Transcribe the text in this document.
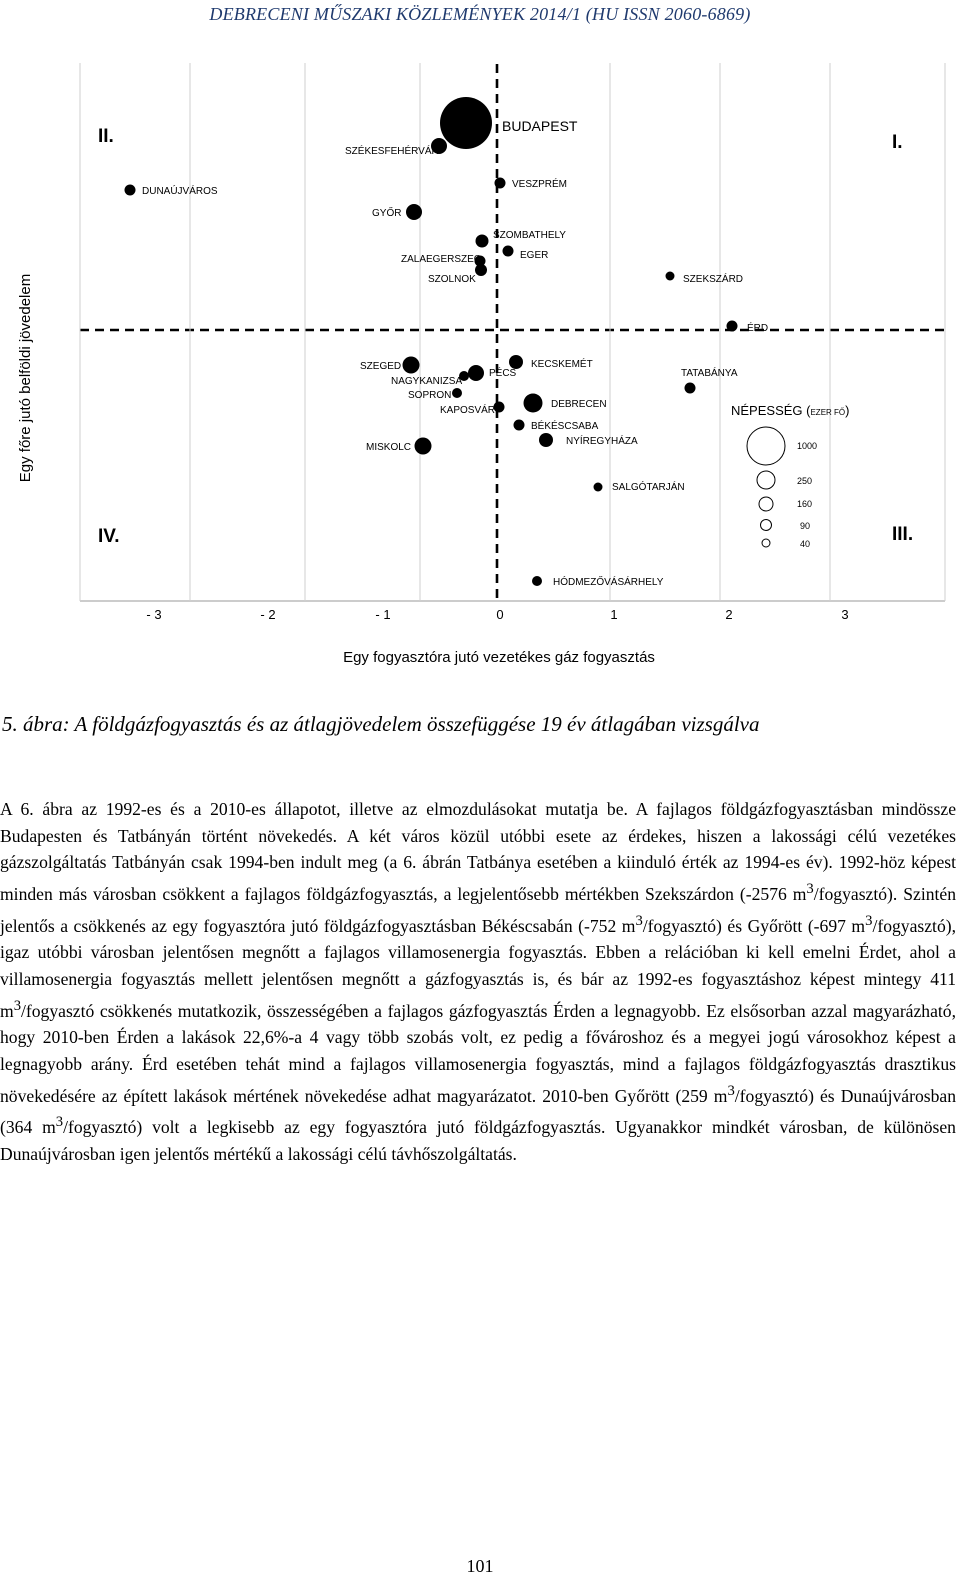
DEBRECENI MŰSZAKI KÖZLEMÉNYEK 2014/1 (HU ISSN 2060-6869)
Egy főre jutó belföldi jövedelem
II.	I.
IV.	III.
BUDAPEST
SZÉKESFEHÉRVÁR
DUNAÚJVÁROS
VESZPRÉM
GYŐR
SZOMBATHELY
EGER
ZALAEGERSZEG
SZOLNOK	SZEKSZÁRD
ÉRD
SZEGED	KECSKEMÉT
NAGYKANIZSA
PÉCS	TATABÁNYA
SOPRON
KAPOSVÁR
DEBRECEN
BÉKÉSCSABA
MISKOLC
NYÍREGYHÁZA
SALGÓTARJÁN
HÓDMEZŐVÁSÁRHELY
NÉPESSÉG (EZER FŐ)
1000
250
160
90
40
- 3	- 2	- 1	0	1	2	3
Egy fogyasztóra jutó vezetékes gáz fogyasztás
5. ábra: A földgázfogyasztás és az átlagjövedelem összefüggése 19 év átlagában vizsgálva

A 6. ábra az 1992-es és a 2010-es állapotot, illetve az elmozdulásokat mutatja be. A fajlagos földgázfogyasztásban mindössze Budapesten és Tatbányán történt növekedés. A két város közül utóbbi esete az érdekes, hiszen a lakossági célú vezetékes gázszolgáltatás Tatbányán csak 1994-ben indult meg (a 6. ábrán Tatbánya esetében a kiinduló érték az 1994-es év). 1992-höz képest minden más városban csökkent a fajlagos földgázfogyasztás, a legjelentősebb mértékben Szekszárdon (-2576 $m^3/fogyasztó$). Szintén jelentős a csökkenés az egy fogyasztóra jutó földgázfogyasztásban Békéscsabán (-752 $m^3/fogyasztó$) és Győrött (-697 $m^3/fogyasztó$), igaz utóbbi városban jelentősen megnőtt a fajlagos villamosenergia fogyasztás. Ebben a relációban ki kell emelni Érdet, ahol a villamosenergia fogyasztás mellett jelentősen megnőtt a gázfogyasztás is, és bár az 1992-es fogyasztáshoz képest mintegy 411 $m^3$/fogyasztó csökkenés mutatkozik, összességében a fajlagos gázfogyasztás Érden a legnagyobb. Ez elsősorban azzal magyarázható, hogy 2010-ben Érden a lakások 22,6%-a 4 vagy több szobás volt, ez pedig a fővároshoz és a megyei jogú városokhoz képest a legnagyobb arány. Érd esetében tehát mind a fajlagos villamosenergia fogyasztás, mind a fajlagos földgázfogyasztás drasztikus növekedésére az épített lakások mértének növekedése adhat magyarázatot. 2010-ben Győrött (259 $m^3/fogyasztó$) és Dunaújvárosban (364 $m^3/fogyasztó$) volt a legkisebb az egy fogyasztóra jutó földgázfogyasztás. Ugyanakkor mindkét városban, de különösen Dunaújvárosban igen jelentős mértékű a lakossági célú távhőszolgáltatás.

101
